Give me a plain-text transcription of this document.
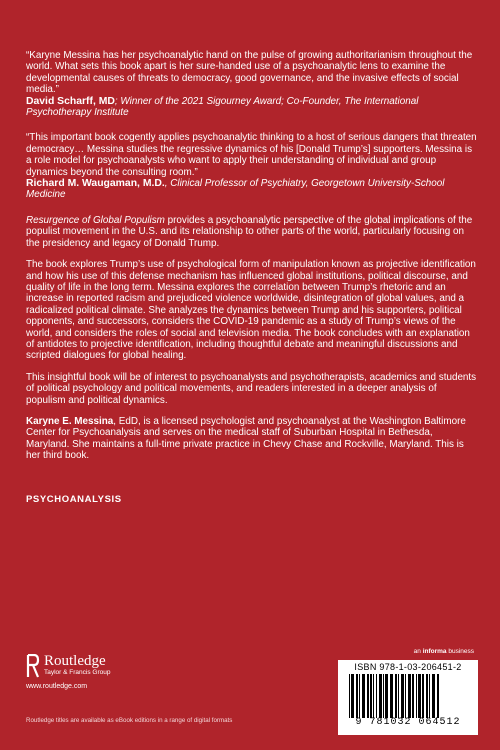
“Karyne Messina has her psychoanalytic hand on the pulse of growing authoritarianism throughout the world. What sets this book apart is her sure-handed use of a psychoanalytic lens to examine the developmental causes of threats to democracy, good governance, and the invasive effects of social media.”

David Scharff, MD; Winner of the 2021 Sigourney Award; Co-Founder, The International Psychotherapy Institute

“This important book cogently applies psychoanalytic thinking to a host of serious dangers that threaten democracy… Messina studies the regressive dynamics of his [Donald Trump’s] supporters. Messina is a role model for psychoanalysts who want to apply their understanding of individual and group dynamics beyond the consulting room.”

Richard M. Waugaman, M.D., Clinical Professor of Psychiatry, Georgetown University-School Medicine

Resurgence of Global Populism provides a psychoanalytic perspective of the global implications of the populist movement in the U.S. and its relationship to other parts of the world, particularly focusing on the presidency and legacy of Donald Trump.

The book explores Trump’s use of psychological form of manipulation known as projective identification and how his use of this defense mechanism has influenced global institutions, political discourse, and quality of life in the long term. Messina explores the correlation between Trump’s rhetoric and an increase in reported racism and prejudiced violence worldwide, disintegration of global values, and a radicalized political climate. She analyzes the dynamics between Trump and his supporters, political opponents, and successors, considers the COVID-19 pandemic as a study of Trump’s views of the world, and considers the roles of social and television media. The book concludes with an explanation of antidotes to projective identification, including thoughtful debate and meaningful discussions and scripted dialogues for global healing.

This insightful book will be of interest to psychoanalysts and psychotherapists, academics and students of political psychology and political movements, and readers interested in a deeper analysis of populism and political dynamics.

Karyne E. Messina, EdD, is a licensed psychologist and psychoanalyst at the Washington Baltimore Center for Psychoanalysis and serves on the medical staff of Suburban Hospital in Bethesda, Maryland. She maintains a full-time private practice in Chevy Chase and Rockville, Maryland. This is her third book.

PSYCHOANALYSIS

Routledge
Taylor & Francis Group
www.routledge.com
Routledge titles are available as eBook editions in a range of digital formats
an informa business
ISBN 978-1-03-206451-2
9 781032 064512
